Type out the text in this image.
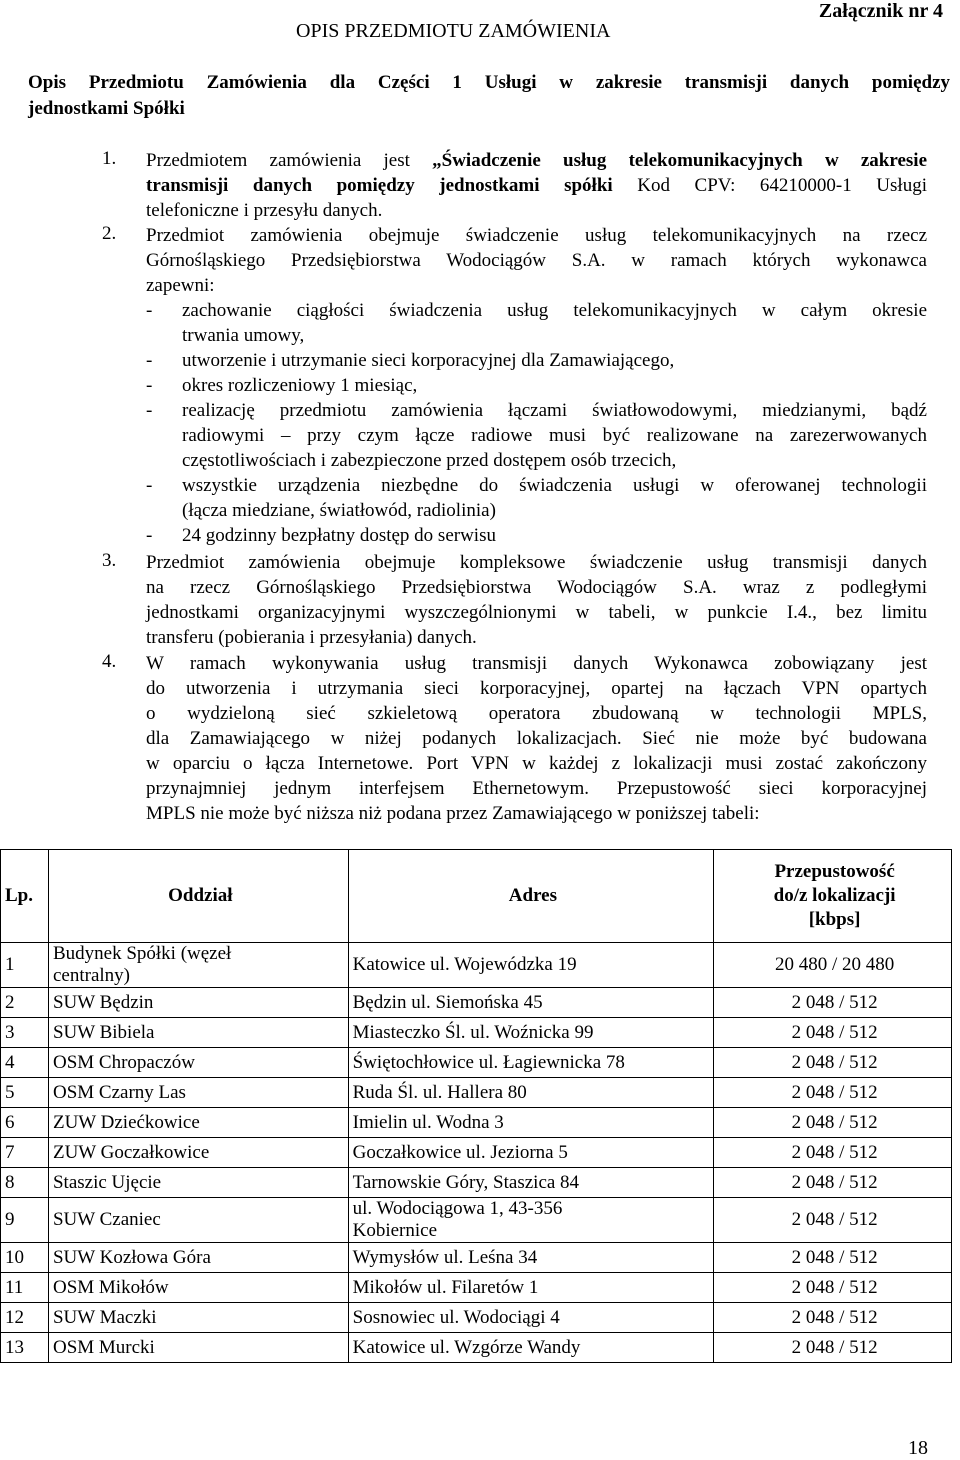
OPIS PRZEDMIOTU ZAMÓWIENIA
Załącznik nr 4
Opis Przedmiotu Zamówienia dla Części 1 Usługi w zakresie transmisji danych pomiędzy
jednostkami Spółki
1. Przedmiotem zamówienia jest „Świadczenie usług telekomunikacyjnych w zakresie
transmisji danych pomiędzy jednostkami spółki Kod CPV: 64210000-1 Usługi
telefoniczne i przesyłu danych.
2. Przedmiot zamówienia obejmuje świadczenie usług telekomunikacyjnych na rzecz
Górnośląskiego Przedsiębiorstwa Wodociągów S.A. w ramach których wykonawca
zapewni:
- zachowanie ciągłości świadczenia usług telekomunikacyjnych w całym okresie
trwania umowy,
- utworzenie i utrzymanie sieci korporacyjnej dla Zamawiającego,
- okres rozliczeniowy 1 miesiąc,
- realizację przedmiotu zamówienia łączami światłowodowymi, miedzianymi, bądź
radiowymi – przy czym łącze radiowe musi być realizowane na zarezerwowanych
częstotliwościach i zabezpieczone przed dostępem osób trzecich,
- wszystkie urządzenia niezbędne do świadczenia usługi w oferowanej technologii
(łącza miedziane, światłowód, radiolinia)
- 24 godzinny bezpłatny dostęp do serwisu
3. Przedmiot zamówienia obejmuje kompleksowe świadczenie usług transmisji danych
na rzecz Górnośląskiego Przedsiębiorstwa Wodociągów S.A. wraz z podległymi
jednostkami organizacyjnymi wyszczególnionymi w tabeli, w punkcie I.4., bez limitu
transferu (pobierania i przesyłania) danych.
4. W ramach wykonywania usług transmisji danych Wykonawca zobowiązany jest
do utworzenia i utrzymania sieci korporacyjnej, opartej na łączach VPN opartych
o wydzieloną sieć szkieletową operatora zbudowaną w technologii MPLS,
dla Zamawiającego w niżej podanych lokalizacjach. Sieć nie może być budowana
w oparciu o łącza Internetowe. Port VPN w każdej z lokalizacji musi zostać zakończony
przynajmniej jednym interfejsem Ethernetowym. Przepustowość sieci korporacyjnej
MPLS nie może być niższa niż podana przez Zamawiającego w poniższej tabeli:
Lp.	Oddział	Adres	Przepustowość
do/z lokalizacji
[kbps]
1	Budynek Spółki (węzeł
centralny)	Katowice ul. Wojewódzka 19	20 480 / 20 480
2	SUW Będzin	Będzin ul. Siemońska 45	2 048 / 512
3	SUW Bibiela	Miasteczko Śl. ul. Woźnicka 99	2 048 / 512
4	OSM Chropaczów	Świętochłowice ul. Łagiewnicka 78	2 048 / 512
5	OSM Czarny Las	Ruda Śl. ul. Hallera 80	2 048 / 512
6	ZUW Dziećkowice	Imielin ul. Wodna 3	2 048 / 512
7	ZUW Goczałkowice	Goczałkowice ul. Jeziorna 5	2 048 / 512
8	Staszic Ujęcie	Tarnowskie Góry, Staszica 84	2 048 / 512
9	SUW Czaniec	ul. Wodociągowa 1, 43-356
Kobiernice	2 048 / 512
10	SUW Kozłowa Góra	Wymysłów ul. Leśna 34	2 048 / 512
11	OSM Mikołów	Mikołów ul. Filaretów 1	2 048 / 512
12	SUW Maczki	Sosnowiec ul. Wodociągi 4	2 048 / 512
13	OSM Murcki	Katowice ul. Wzgórze Wandy	2 048 / 512
18
